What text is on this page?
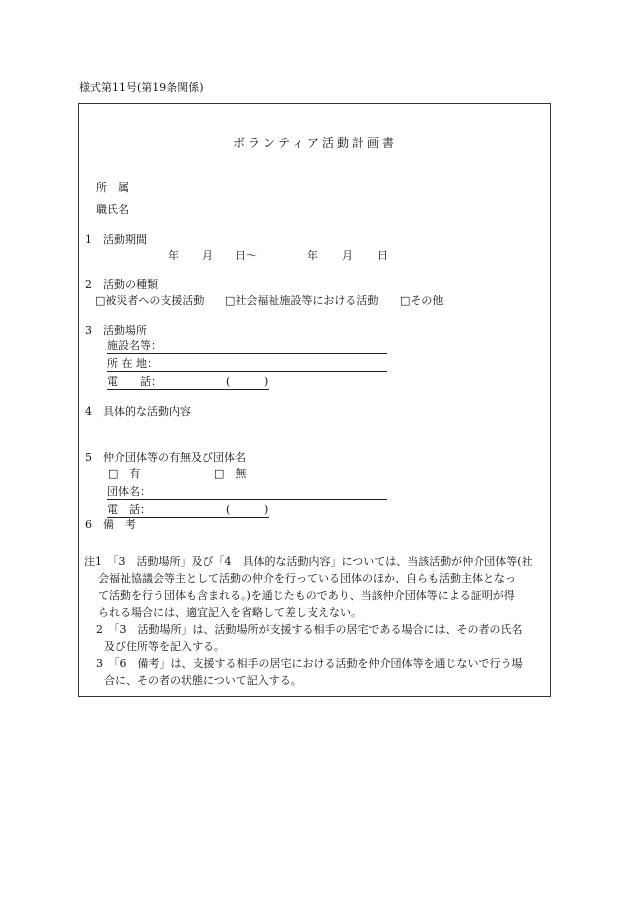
様式第11号(第19条関係)
ボランティア活動計画書
所　属
職氏名
1　活動期間
年 月 日〜	年 月 日
2　活動の種類
□被災者への支援活動 □社会福祉施設等における活動 □その他
3　活動場所
施設名等：
所 在 地：
電　　話：	(	)
4　具体的な活動内容
5　仲介団体等の有無及び団体名
□　有	□　無
団体名：
電　話：	(	)
6　備　考

注1　「3　活動場所」及び「4　具体的な活動内容」については、当該活動が仲介団体等(社

会福祉協議会等主として活動の仲介を行っている団体のほか、自らも活動主体となっ

て活動を行う団体も含まれる。)を通じたものであり、当該仲介団体等による証明が得

られる場合には、適宜記入を省略して差し支えない。

2　「3　活動場所」は、活動場所が支援する相手の居宅である場合には、その者の氏名

及び住所等を記入する。

3　「6　備考」は、支援する相手の居宅における活動を仲介団体等を通じないで行う場

合に、その者の状態について記入する。
